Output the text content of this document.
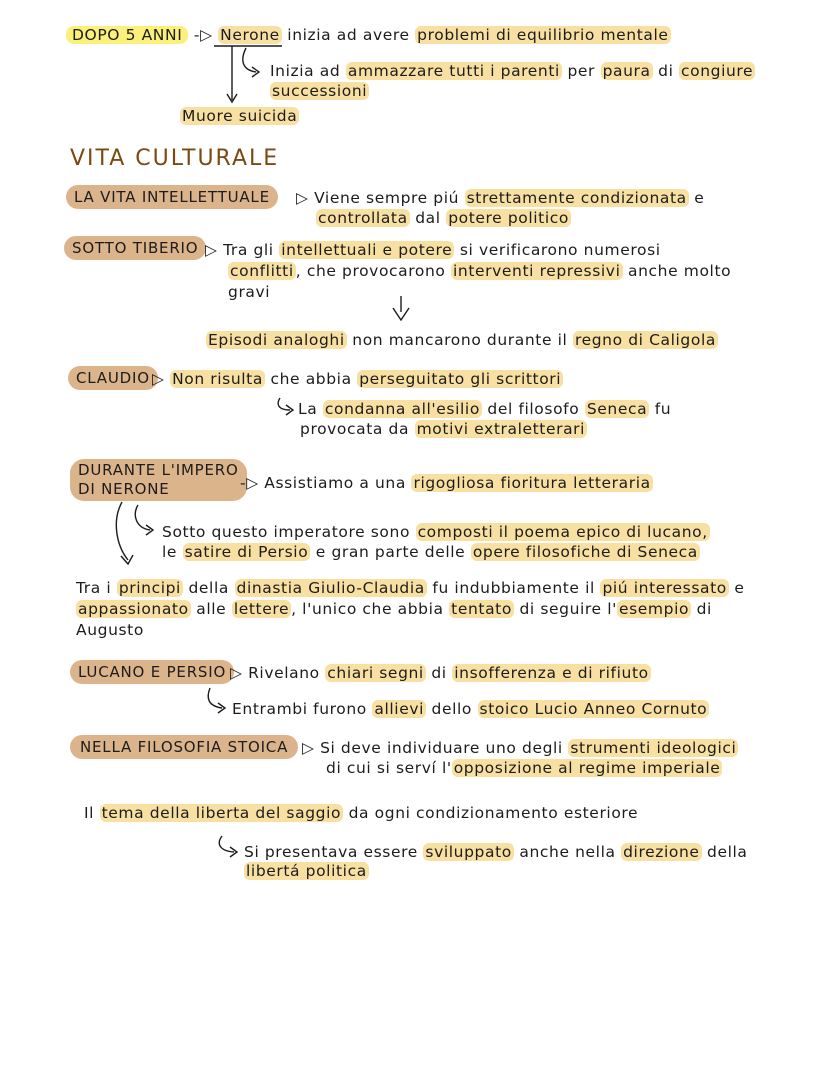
DOPO 5 ANNI -▷ Nerone inizia ad avere problemi di equilibrio mentale
Inizia ad ammazzare tutti i parenti per paura di congiure
successioni
Muore suicida
VITA CULTURALE
LA VITA INTELLETTUALE	▷ Viene sempre piú strettamente condizionata e
controllata dal potere politico
SOTTO TIBERIO ▷ Tra gli intellettuali e potere si verificarono numerosi
conflitti , che provocarono interventi repressivi anche molto
gravi
Episodi analoghi non mancarono durante il regno di Caligola
CLAUDIO ▷ Non risulta che abbia perseguitato gli scrittori
La condanna all'esilio del filosofo Seneca fu
provocata da motivi extraletterari
DURANTE L'IMPERO
DI NERONE	-▷ Assistiamo a una rigogliosa fioritura letteraria
Sotto questo imperatore sono composti il poema epico di lucano,
le satire di Persio e gran parte delle opere filosofiche di Seneca
Tra i principi della dinastia Giulio-Claudia fu indubbiamente il piú interessato e
appassionato alle lettere , l'unico che abbia tentato di seguire l' esempio di
Augusto
LUCANO E PERSIO ▷ Rivelano chiari segni di insofferenza e di rifiuto
Entrambi furono allievi dello stoico Lucio Anneo Cornuto
NELLA FILOSOFIA STOICA ▷ Si deve individuare uno degli strumenti ideologici
di cui si serví l' opposizione al regime imperiale
Il tema della liberta del saggio da ogni condizionamento esteriore
Si presentava essere sviluppato anche nella direzione della
libertá politica
